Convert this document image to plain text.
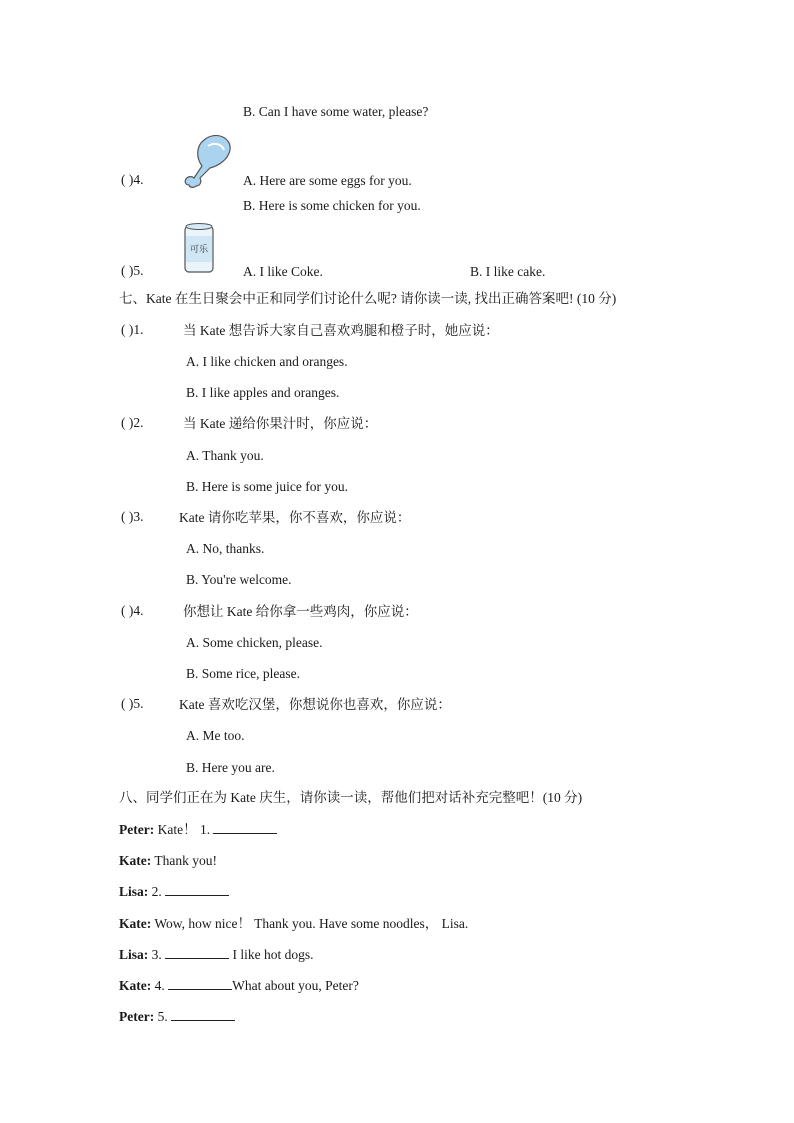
B. Can I have some water, please?
( )4.	A. Here are some eggs for you.
B. Here is some chicken for you.
( )5.
可乐
A. I like Coke.	B. I like cake.
七、Kate 在生日聚会中正和同学们讨论什么呢? 请你读一读, 找出正确答案吧! (10 分)
( )1.	当 Kate 想告诉大家自己喜欢鸡腿和橙子时，她应说：
A. I like chicken and oranges.
B. I like apples and oranges.
( )2.	当 Kate 递给你果汁时，你应说：
A. Thank you.
B. Here is some juice for you.
( )3.	Kate 请你吃苹果，你不喜欢，你应说：
A. No, thanks.
B. You're welcome.
( )4.	你想让 Kate 给你拿一些鸡肉，你应说：
A. Some chicken, please.
B. Some rice, please.
( )5.	Kate 喜欢吃汉堡，你想说你也喜欢，你应说：
A. Me too.
B. Here you are.
八、同学们正在为 Kate 庆生，请你读一读，帮他们把对话补充完整吧！(10 分)
Peter: Kate！ 1.
Kate: Thank you!
Lisa: 2.
Kate: Wow, how nice！ Thank you. Have some noodles， Lisa.
Lisa: 3.	I like hot dogs.
Kate: 4.	What about you, Peter?
Peter: 5.
